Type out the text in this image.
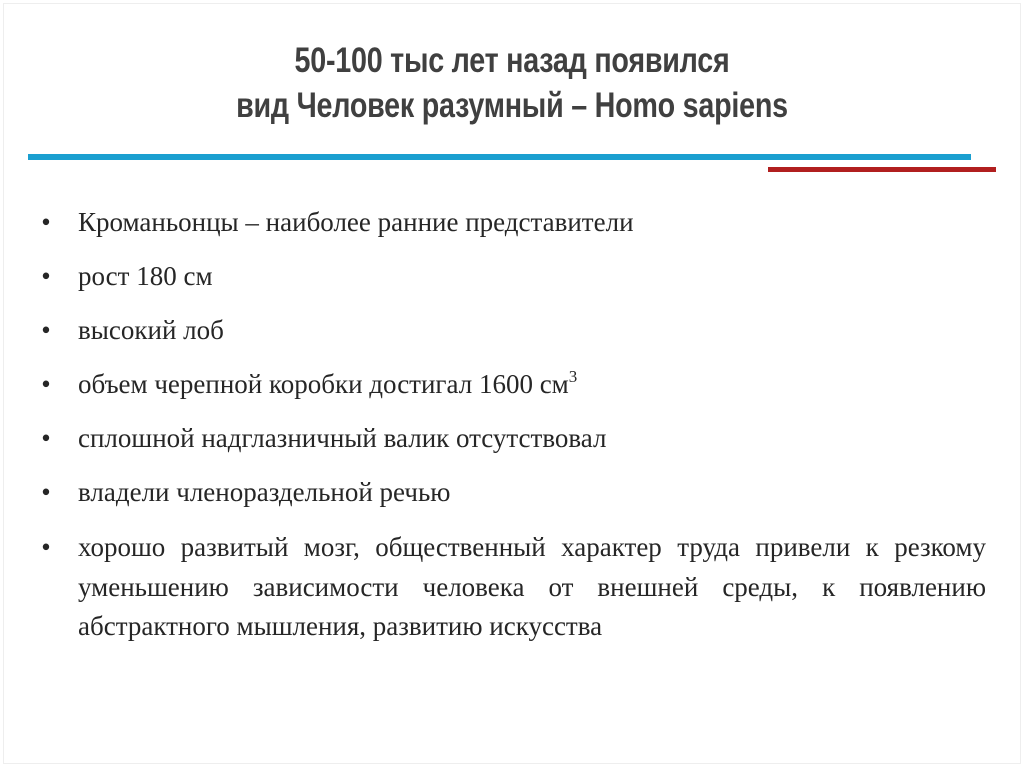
50-100 тыс лет назад появился
вид Человек разумный – Homo sapiens
• Кроманьонцы – наиболее ранние представители
• рост 180 см
• высокий лоб
• объем черепной коробки достигал 1600 $см^3$
• сплошной надглазничный валик отсутствовал
• владели членораздельной речью
• хорошо развитый мозг, общественный характер труда привели к резкому уменьшению зависимости человека от внешней среды, к появлению абстрактного мышления, развитию искусства
